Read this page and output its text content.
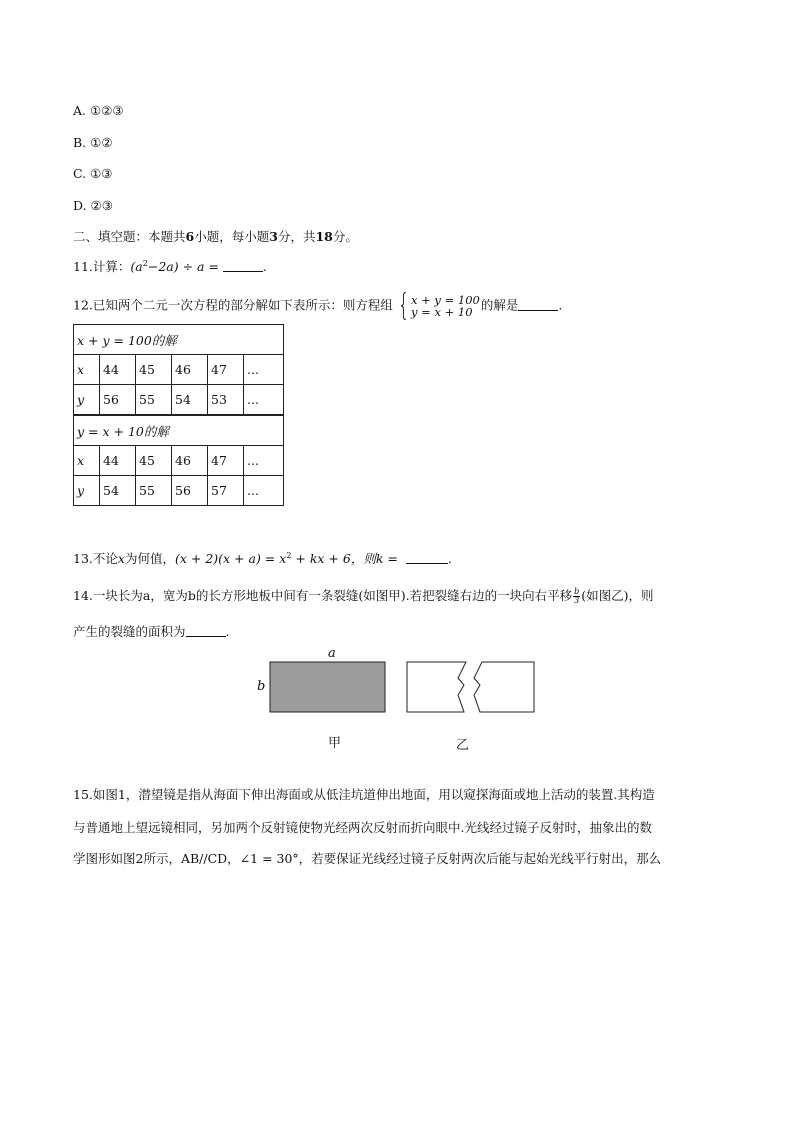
A. ①②③
B. ①②
C. ①③
D. ②③
二、填空题：本题共6小题，每小题3分，共18分。
11.计算：$(a^2-2a) \div a$ =	.
12.已知两个二元一次方程的部分解如下表所示：则方程组 { x + y = 100
y = x + 10 的解是	.
x + y = 100的解					
x	44	45	46	47	...
y	56	55	54	53	...
y = x + 10的解					
x	44	45	46	47	...
y	54	55	56	57	...
13.不论x为何值，$(x + 2)(x + a) = x^2$ + kx + 6，则k =	.
14.一块长为a，宽为b的长方形地板中间有一条裂缝(如图甲).若把裂缝右边的一块向右平移 $\frac{b}{3}$ (如图乙)，则
产生的裂缝的面积为	.
a
b
甲	乙
15.如图1，潜望镜是指从海面下伸出海面或从低洼坑道伸出地面，用以窥探海面或地上活动的装置.其构造
与普通地上望远镜相同，另加两个反射镜使物光经两次反射而折向眼中.光线经过镜子反射时，抽象出的数
学图形如图2所示，AB//CD，∠1 = 30°，若要保证光线经过镜子反射两次后能与起始光线平行射出，那么
